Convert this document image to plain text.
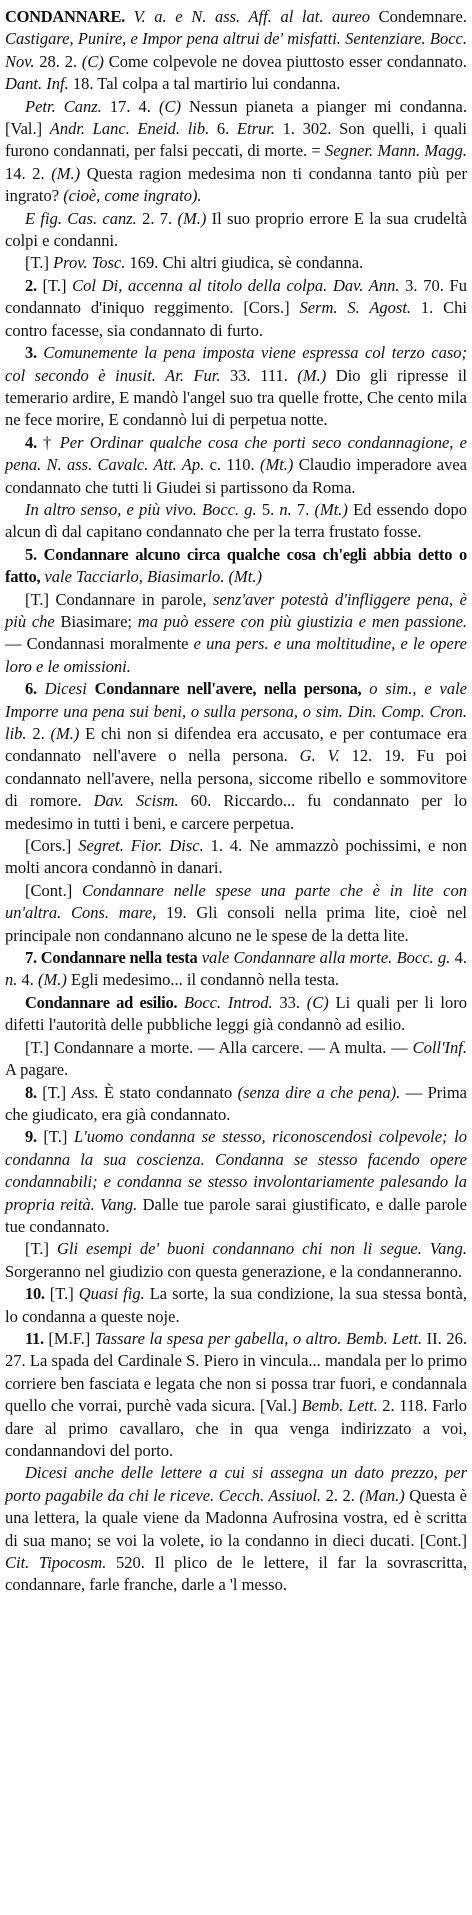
CONDANNARE. V. a. e N. ass. Aff. al lat. aureo Condemnare. Castigare, Punire, e Impor pena altrui de' misfatti. Sentenziare. Bocc. Nov. 28. 2. (C) Come colpevole ne dovea piuttosto esser condannato. Dant. Inf. 18. Tal colpa a tal martirio lui condanna.
Petr. Canz. 17. 4. (C) Nessun pianeta a pianger mi condanna. [Val.] Andr. Lanc. Eneid. lib. 6. Etrur. 1. 302. Son quelli, i quali furono condannati, per falsi peccati, di morte. = Segner. Mann. Magg. 14. 2. (M.) Questa ragion medesima non ti condanna tanto più per ingrato? (cioè, come ingrato).
E fig. Cas. canz. 2. 7. (M.) Il suo proprio errore E la sua crudeltà colpi e condanni.
[T.] Prov. Tosc. 169. Chi altri giudica, sè condanna.
2. [T.] Col Di, accenna al titolo della colpa. Dav. Ann. 3. 70. Fu condannato d'iniquo reggimento. [Cors.] Serm. S. Agost. 1. Chi contro facesse, sia condannato di furto.
3. Comunemente la pena imposta viene espressa col terzo caso; col secondo è inusit. Ar. Fur. 33. 111. (M.) Dio gli ripresse il temerario ardire, E mandò l'angel suo tra quelle frotte, Che cento mila ne fece morire, E condannò lui di perpetua notte.
4. † Per Ordinar qualche cosa che porti seco condannagione, e pena. N. ass. Cavalc. Att. Ap. c. 110. (Mt.) Claudio imperadore avea condannato che tutti li Giudei si partissono da Roma.
In altro senso, e più vivo. Bocc. g. 5. n. 7. (Mt.) Ed essendo dopo alcun dì dal capitano condannato che per la terra frustato fosse.
5. Condannare alcuno circa qualche cosa ch'egli abbia detto o fatto, vale Tacciarlo, Biasimarlo. (Mt.)
[T.] Condannare in parole, senz'aver potestà d'infliggere pena, è più che Biasimare; ma può essere con più giustizia e men passione. — Condannasi moralmente e una pers. e una moltitudine, e le opere loro e le omissioni.
6. Dicesi Condannare nell'avere, nella persona, o sim., e vale Imporre una pena sui beni, o sulla persona, o sim. Din. Comp. Cron. lib. 2. (M.) E chi non si difendea era accusato, e per contumace era condannato nell'avere o nella persona. G. V. 12. 19. Fu poi condannato nell'avere, nella persona, siccome ribello e sommovitore di romore. Dav. Scism. 60. Riccardo... fu condannato per lo medesimo in tutti i beni, e carcere perpetua.
[Cors.] Segret. Fior. Disc. 1. 4. Ne ammazzò pochissimi, e non molti ancora condannò in danari.
[Cont.] Condannare nelle spese una parte che è in lite con un'altra. Cons. mare, 19. Gli consoli nella prima lite, cioè nel principale non condannano alcuno ne le spese de la detta lite.
7. Condannare nella testa vale Condannare alla morte. Bocc. g. 4. n. 4. (M.) Egli medesimo... il condannò nella testa.
Condannare ad esilio. Bocc. Introd. 33. (C) Li quali per li loro difetti l'autorità delle pubbliche leggi già condannò ad esilio.
[T.] Condannare a morte. — Alla carcere. — A multa. — Coll'Inf. A pagare.
8. [T.] Ass. È stato condannato (senza dire a che pena). — Prima che giudicato, era già condannato.
9. [T.] L'uomo condanna se stesso, riconoscendosi colpevole; lo condanna la sua coscienza. Condanna se stesso facendo opere condannabili; e condanna se stesso involontariamente palesando la propria reità. Vang. Dalle tue parole sarai giustificato, e dalle parole tue condannato.
[T.] Gli esempi de' buoni condannano chi non li segue. Vang. Sorgeranno nel giudizio con questa generazione, e la condanneranno.
10. [T.] Quasi fig. La sorte, la sua condizione, la sua stessa bontà, lo condanna a queste noje.
11. [M.F.] Tassare la spesa per gabella, o altro. Bemb. Lett. II. 26. 27. La spada del Cardinale S. Piero in vincula... mandala per lo primo corriere ben fasciata e legata che non si possa trar fuori, e condannala quello che vorrai, purchè vada sicura. [Val.] Bemb. Lett. 2. 118. Farlo dare al primo cavallaro, che in qua venga indirizzato a voi, condannandovi del porto.
Dicesi anche delle lettere a cui si assegna un dato prezzo, per porto pagabile da chi le riceve. Cecch. Assiuol. 2. 2. (Man.) Questa è una lettera, la quale viene da Madonna Aufrosina vostra, ed è scritta di sua mano; se voi la volete, io la condanno in dieci ducati. [Cont.] Cit. Tipocosm. 520. Il plico de le lettere, il far la sovrascritta, condannare, farle franche, darle a 'l messo.
